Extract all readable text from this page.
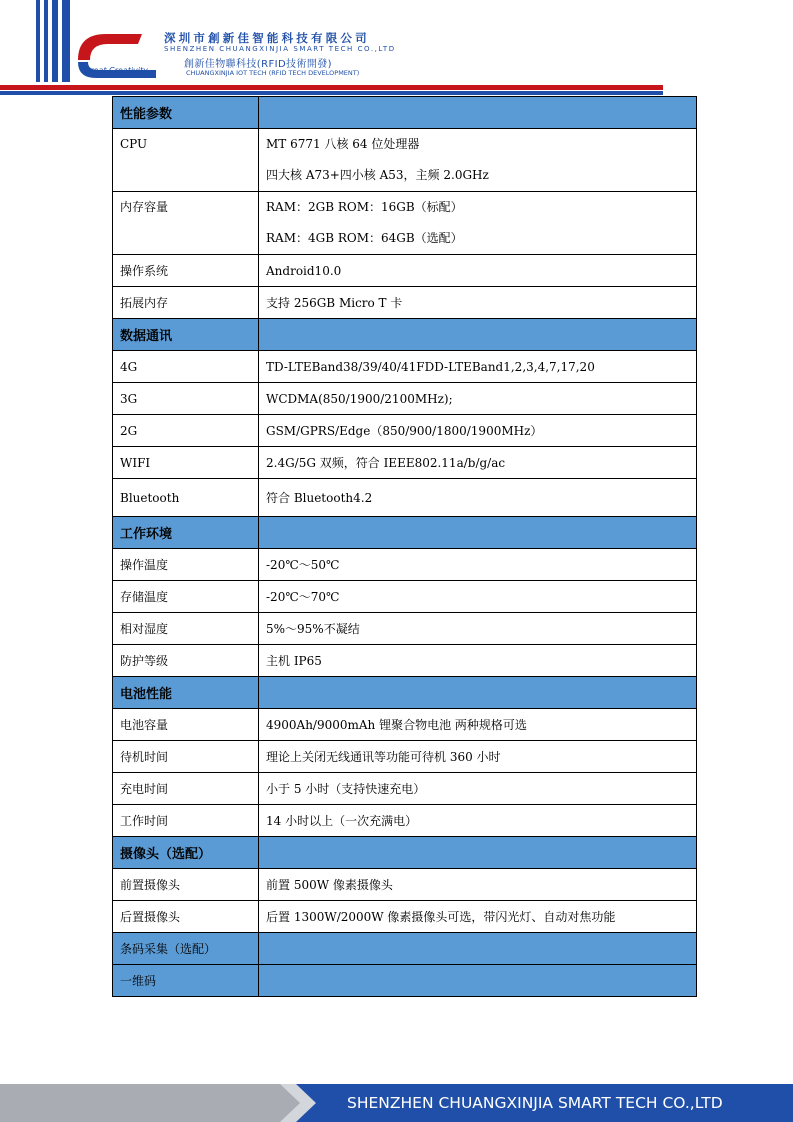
Great Creativity
深圳市創新佳智能科技有限公司
SHENZHEN CHUANGXINJIA SMART TECH CO.,LTD
創新佳物聯科技(RFID技術開發)
CHUANGXINJIA IOT TECH (RFID TECH DEVELOPMENT)
性能参数	

CPU	MT 6771 八核 64 位处理器
四大核 A73+四小核 A53，主频 2.0GHz

内存容量	RAM：2GB ROM：16GB（标配）
RAM：4GB ROM：64GB（选配）

操作系统	Android10.0
拓展内存	支持 256GB Micro T 卡
数据通讯	
4G	TD-LTEBand38/39/40/41FDD-LTEBand1,2,3,4,7,17,20
3G	WCDMA(850/1900/2100MHz);
2G	GSM/GPRS/Edge（850/900/1800/1900MHz）
WIFI	2.4G/5G 双频，符合 IEEE802.11a/b/g/ac
Bluetooth	符合 Bluetooth4.2
工作环境	
操作温度	-20℃～50℃
存储温度	-20℃～70℃
相对湿度	5%～95%不凝结
防护等级	主机 IP65
电池性能	
电池容量	4900Ah/9000mAh 锂聚合物电池 两种规格可选
待机时间	理论上关闭无线通讯等功能可待机 360 小时
充电时间	小于 5 小时（支持快速充电）
工作时间	14 小时以上（一次充满电）
摄像头（选配）	
前置摄像头	前置 500W 像素摄像头
后置摄像头	后置 1300W/2000W 像素摄像头可选，带闪光灯、自动对焦功能
条码采集（选配）	
一维码	
SHENZHEN CHUANGXINJIA SMART TECH CO.,LTD
